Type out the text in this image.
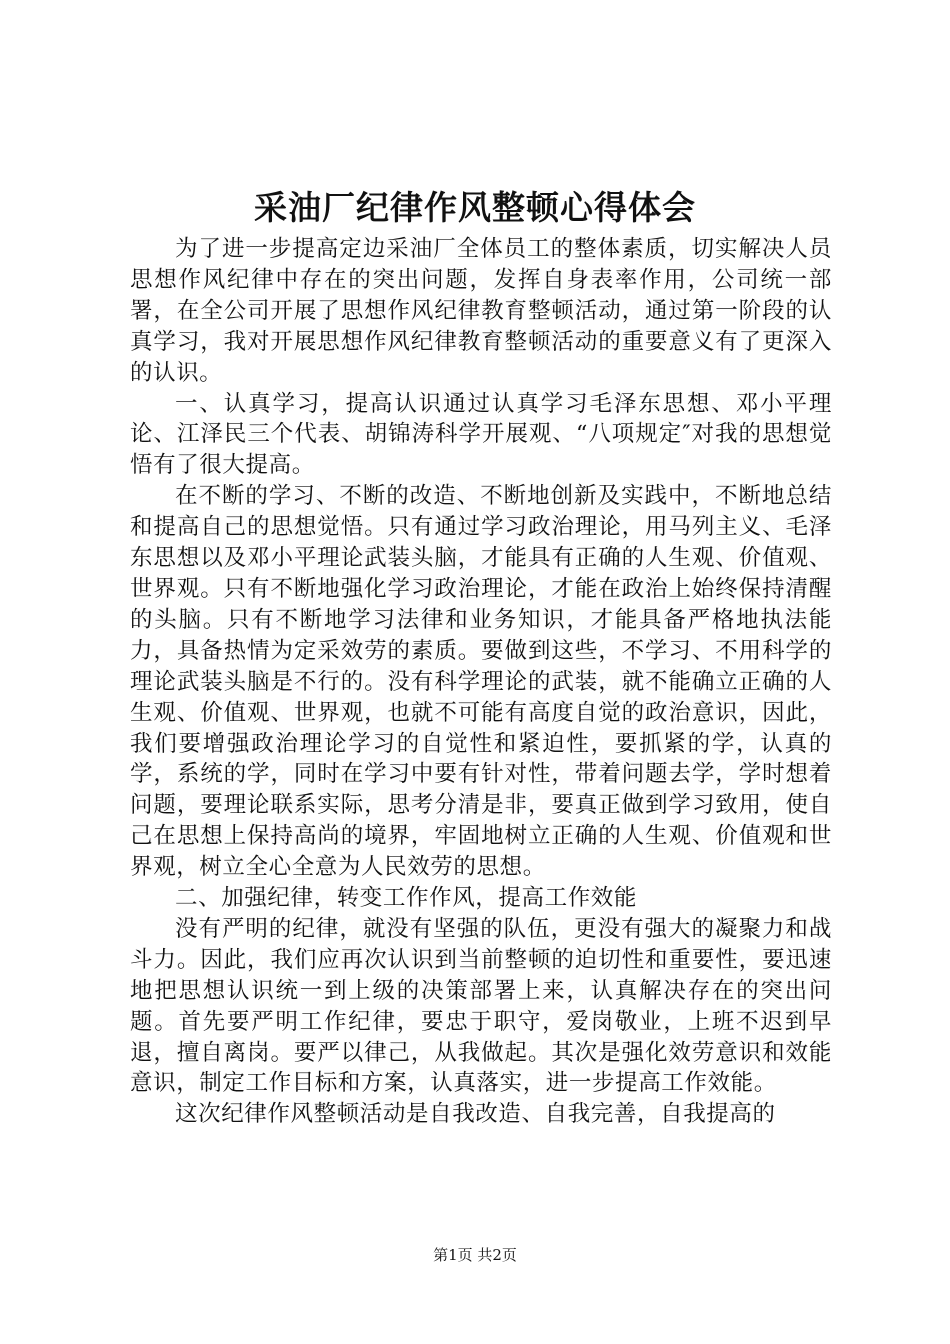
采油厂纪律作风整顿心得体会

为了进一步提高定边采油厂全体员工的整体素质，切实解决人员思想作风纪律中存在的突出问题，发挥自身表率作用，公司统一部署，在全公司开展了思想作风纪律教育整顿活动，通过第一阶段的认真学习，我对开展思想作风纪律教育整顿活动的重要意义有了更深入的认识。

一、认真学习，提高认识通过认真学习毛泽东思想、邓小平理论、江泽民三个代表、胡锦涛科学开展观、“八项规定″对我的思想觉悟有了很大提高。

在不断的学习、不断的改造、不断地创新及实践中，不断地总结和提高自己的思想觉悟。只有通过学习政治理论，用马列主义、毛泽东思想以及邓小平理论武装头脑，才能具有正确的人生观、价值观、世界观。只有不断地强化学习政治理论，才能在政治上始终保持清醒的头脑。只有不断地学习法律和业务知识，才能具备严格地执法能力，具备热情为定采效劳的素质。要做到这些，不学习、不用科学的理论武装头脑是不行的。没有科学理论的武装，就不能确立正确的人生观、价值观、世界观，也就不可能有高度自觉的政治意识，因此，我们要增强政治理论学习的自觉性和紧迫性，要抓紧的学，认真的学，系统的学，同时在学习中要有针对性，带着问题去学，学时想着问题，要理论联系实际，思考分清是非，要真正做到学习致用，使自己在思想上保持高尚的境界，牢固地树立正确的人生观、价值观和世界观，树立全心全意为人民效劳的思想。

二、加强纪律，转变工作作风，提高工作效能

没有严明的纪律，就没有坚强的队伍，更没有强大的凝聚力和战斗力。因此，我们应再次认识到当前整顿的迫切性和重要性，要迅速地把思想认识统一到上级的决策部署上来，认真解决存在的突出问题。首先要严明工作纪律，要忠于职守，爱岗敬业，上班不迟到早退，擅自离岗。要严以律己，从我做起。其次是强化效劳意识和效能意识，制定工作目标和方案，认真落实，进一步提高工作效能。

这次纪律作风整顿活动是自我改造、自我完善，自我提高的

第1页 共2页
